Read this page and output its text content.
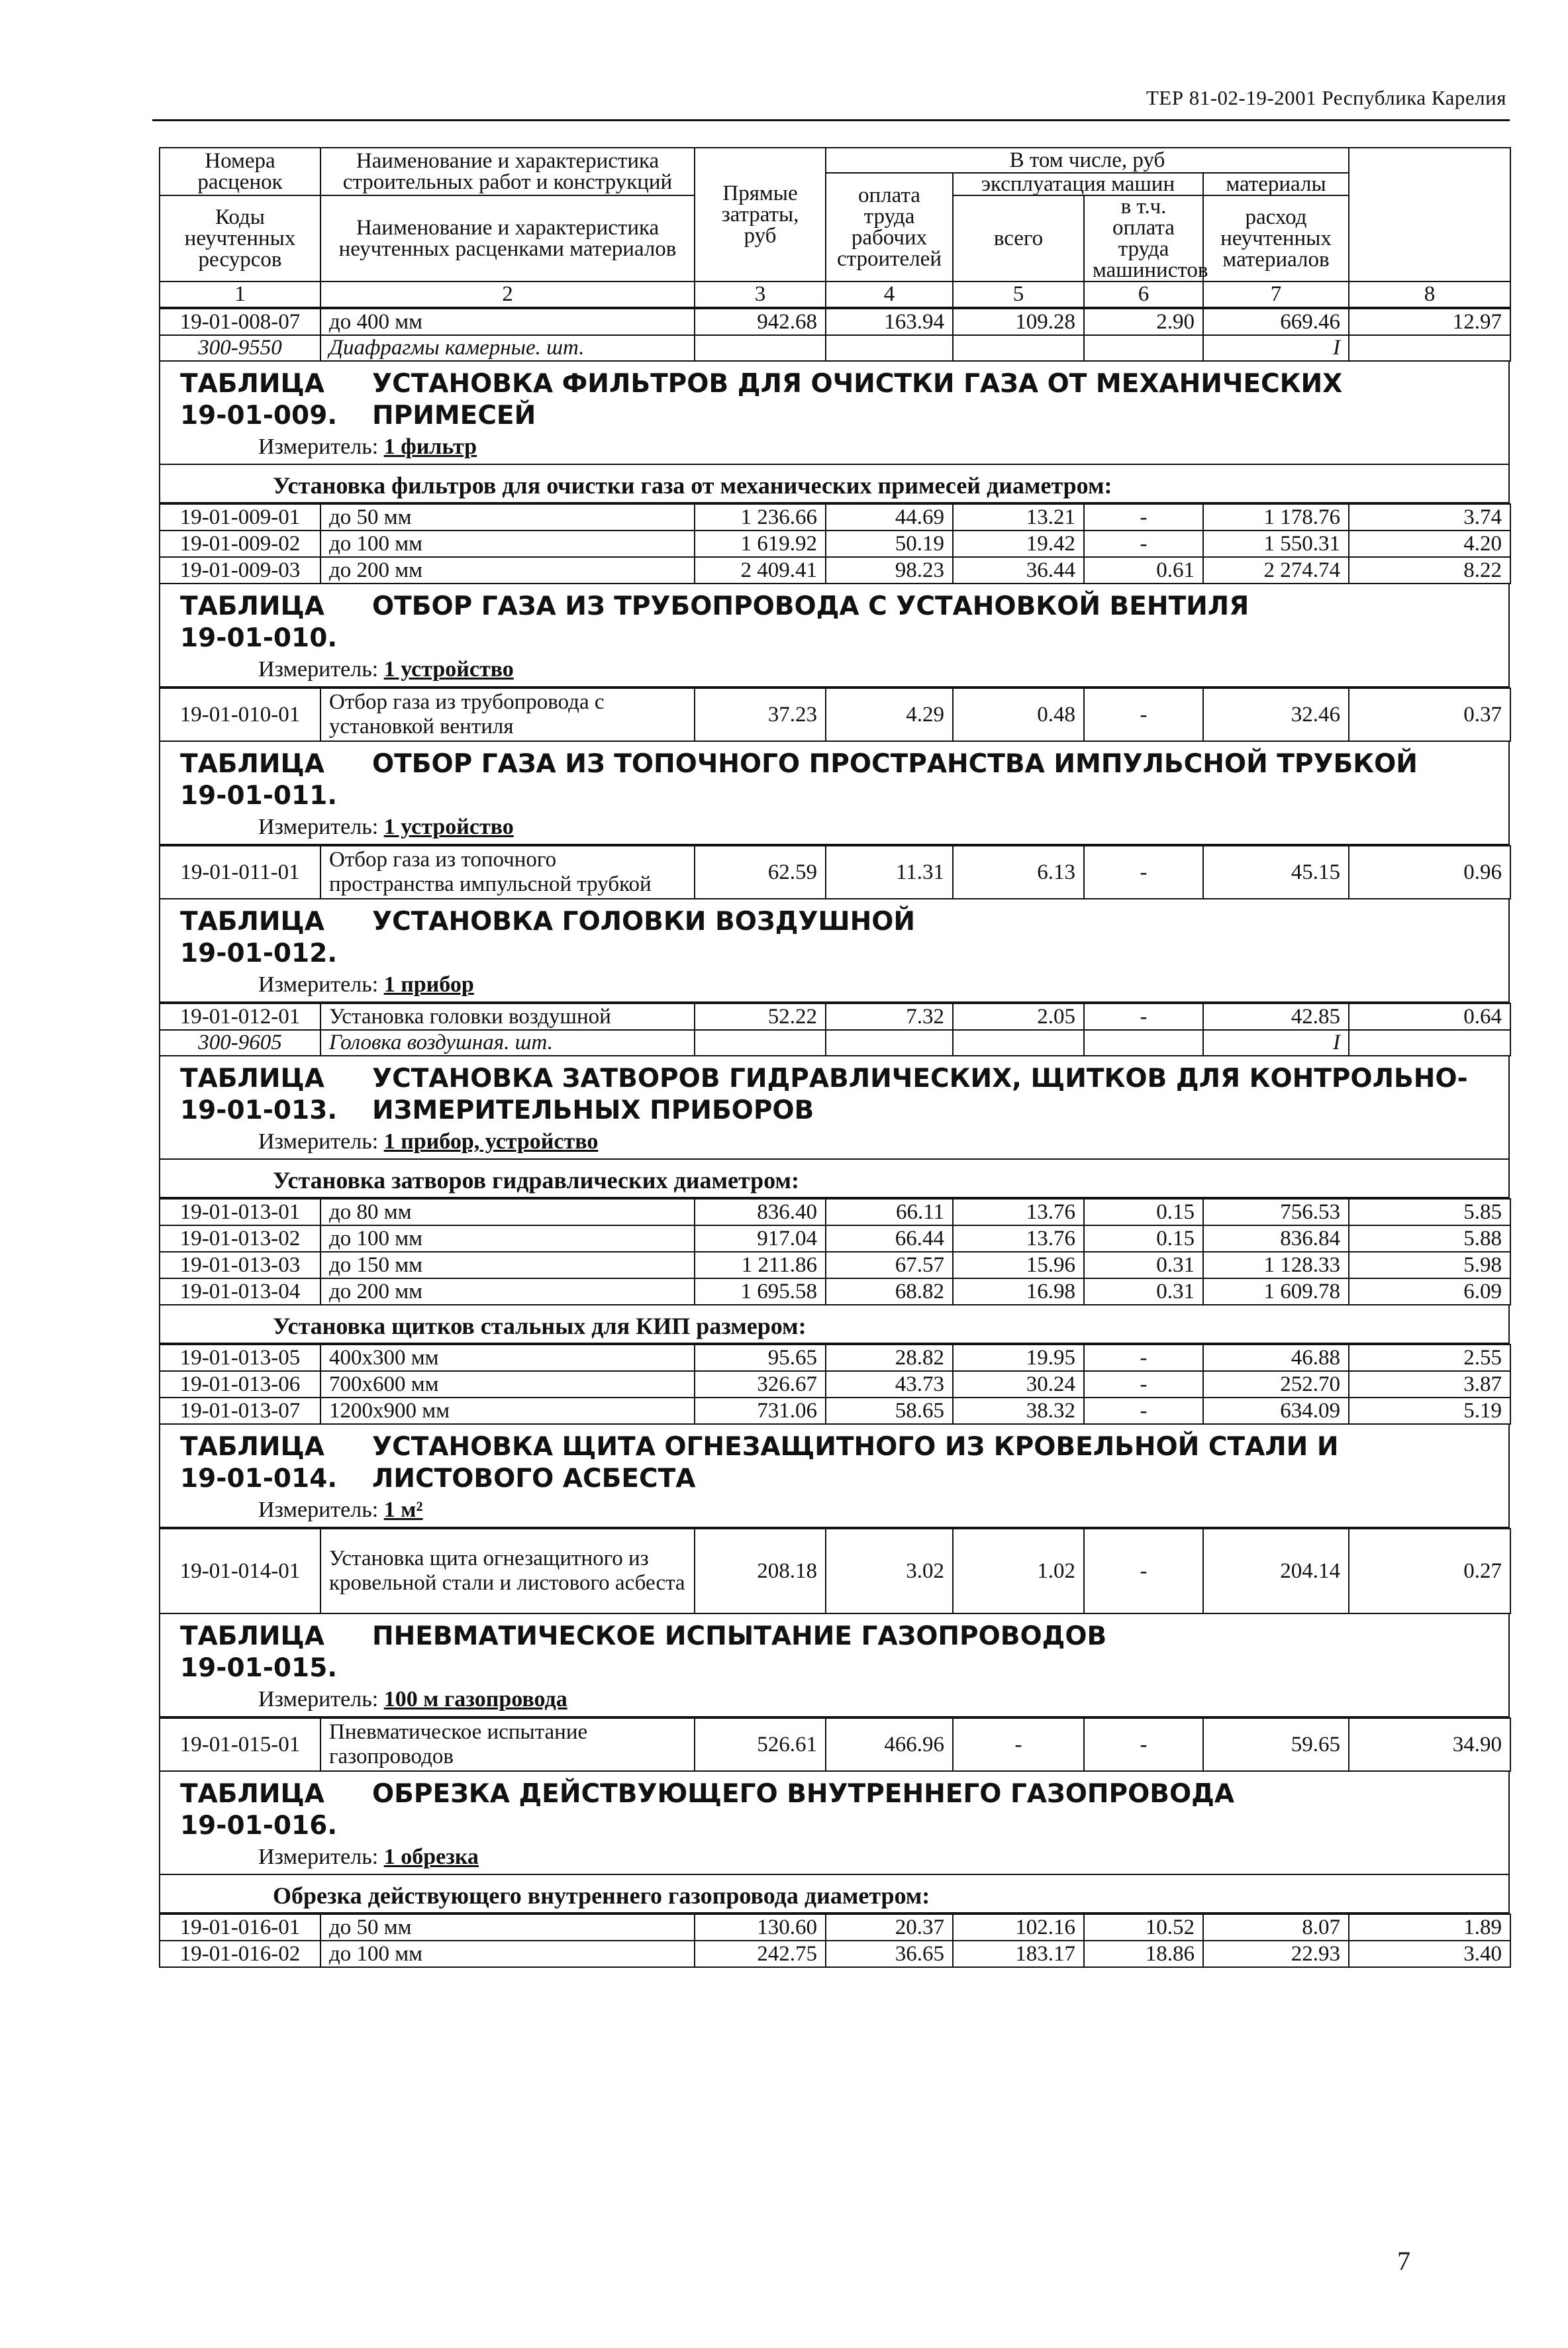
ТЕР 81-02-19-2001 Республика Карелия
Номера расценок	Наименование и характеристика строительных работ и конструкций	Прямые затраты, руб	В том числе, руб				
			оплата труда рабочих строителей	эксплуатация машин		материалы	
Коды неучтенных ресурсов	Наименование и характеристика неучтенных расценками материалов			всего	в т.ч. оплата труда машинистов	расход неучтенных материалов	

1	2	3	4	5	6	7	8
19-01-008-07	до 400 мм	942.68	163.94	109.28	2.90	669.46	12.97
300-9550	Диафрагмы камерные. шт.					I	
ТАБЛИЦА 19-01-009.УСТАНОВКА ФИЛЬТРОВ ДЛЯ ОЧИСТКИ ГАЗА ОТ МЕХАНИЧЕСКИХ ПРИМЕСЕЙ
Измеритель: 1 фильтр
Установка фильтров для очистки газа от механических примесей диаметром:
19-01-009-01	до 50 мм	1 236.66	44.69	13.21	-	1 178.76	3.74
19-01-009-02	до 100 мм	1 619.92	50.19	19.42	-	1 550.31	4.20
19-01-009-03	до 200 мм	2 409.41	98.23	36.44	0.61	2 274.74	8.22
ТАБЛИЦА 19-01-010.ОТБОР ГАЗА ИЗ ТРУБОПРОВОДА С УСТАНОВКОЙ ВЕНТИЛЯ
Измеритель: 1 устройство
19-01-010-01	Отбор газа из трубопровода с установкой вентиля	37.23	4.29	0.48	-	32.46	0.37
ТАБЛИЦА 19-01-011.ОТБОР ГАЗА ИЗ ТОПОЧНОГО ПРОСТРАНСТВА ИМПУЛЬСНОЙ ТРУБКОЙ
Измеритель: 1 устройство
19-01-011-01	Отбор газа из топочного пространства импульсной трубкой	62.59	11.31	6.13	-	45.15	0.96
ТАБЛИЦА 19-01-012.УСТАНОВКА ГОЛОВКИ ВОЗДУШНОЙ
Измеритель: 1 прибор
19-01-012-01	Установка головки воздушной	52.22	7.32	2.05	-	42.85	0.64
300-9605	Головка воздушная. шт.					I	
ТАБЛИЦА 19-01-013.УСТАНОВКА ЗАТВОРОВ ГИДРАВЛИЧЕСКИХ, ЩИТКОВ ДЛЯ КОНТРОЛЬНО-ИЗМЕРИТЕЛЬНЫХ ПРИБОРОВ
Измеритель: 1 прибор, устройство
Установка затворов гидравлических диаметром:
19-01-013-01	до 80 мм	836.40	66.11	13.76	0.15	756.53	5.85
19-01-013-02	до 100 мм	917.04	66.44	13.76	0.15	836.84	5.88
19-01-013-03	до 150 мм	1 211.86	67.57	15.96	0.31	1 128.33	5.98
19-01-013-04	до 200 мм	1 695.58	68.82	16.98	0.31	1 609.78	6.09
Установка щитков стальных для КИП размером:
19-01-013-05	400х300 мм	95.65	28.82	19.95	-	46.88	2.55
19-01-013-06	700х600 мм	326.67	43.73	30.24	-	252.70	3.87
19-01-013-07	1200х900 мм	731.06	58.65	38.32	-	634.09	5.19
ТАБЛИЦА 19-01-014.УСТАНОВКА ЩИТА ОГНЕЗАЩИТНОГО ИЗ КРОВЕЛЬНОЙ СТАЛИ И ЛИСТОВОГО АСБЕСТА
Измеритель: 1 м²
19-01-014-01	Установка щита огнезащитного из кровельной стали и листового асбеста	208.18	3.02	1.02	-	204.14	0.27
ТАБЛИЦА 19-01-015.ПНЕВМАТИЧЕСКОЕ ИСПЫТАНИЕ ГАЗОПРОВОДОВ
Измеритель: 100 м газопровода
19-01-015-01	Пневматическое испытание газопроводов	526.61	466.96	-	-	59.65	34.90
ТАБЛИЦА 19-01-016.ОБРЕЗКА ДЕЙСТВУЮЩЕГО ВНУТРЕННЕГО ГАЗОПРОВОДА
Измеритель: 1 обрезка
Обрезка действующего внутреннего газопровода диаметром:
19-01-016-01	до 50 мм	130.60	20.37	102.16	10.52	8.07	1.89
19-01-016-02	до 100 мм	242.75	36.65	183.17	18.86	22.93	3.40
7
